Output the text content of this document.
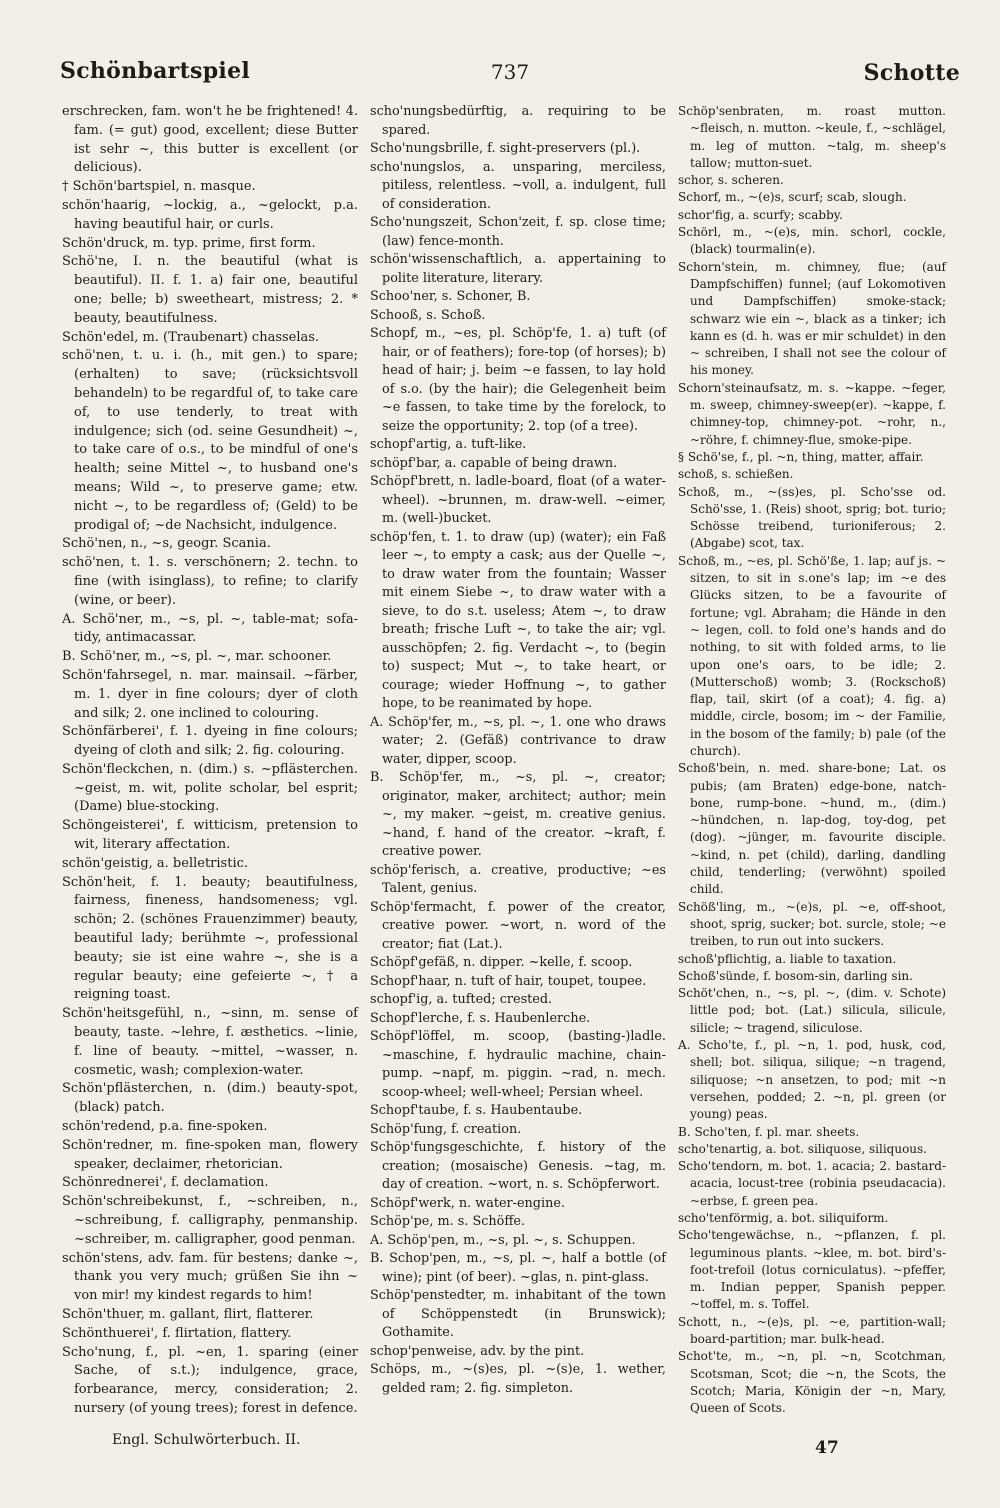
Schönbartspiel	737	Schotte

erschrecken, fam. won't he be frightened! 4. fam. (= gut) good, excellent; diese Butter ist sehr ~, this butter is excellent (or delicious).

† Schön'bartspiel, n. masque.

schön'haarig, ~lockig, a., ~gelockt, p.a. having beautiful hair, or curls.

Schön'druck, m. typ. prime, first form.

Schö'ne, I. n. the beautiful (what is beautiful). II. f. 1. a) fair one, beautiful one; belle; b) sweetheart, mistress; 2. * beauty, beautifulness.

Schön'edel, m. (Traubenart) chasselas.

schö'nen, t. u. i. (h., mit gen.) to spare; (erhalten) to save; (rücksichtsvoll behandeln) to be regardful of, to take care of, to use tenderly, to treat with indulgence; sich (od. seine Gesundheit) ~, to take care of o.s., to be mindful of one's health; seine Mittel ~, to husband one's means; Wild ~, to preserve game; etw. nicht ~, to be regardless of; (Geld) to be prodigal of; ~de Nachsicht, indulgence.

Schö'nen, n., ~s, geogr. Scania.

schö'nen, t. 1. s. verschönern; 2. techn. to fine (with isinglass), to refine; to clarify (wine, or beer).

A. Schö'ner, m., ~s, pl. ~, table-mat; sofa-tidy, antimacassar.

B. Schö'ner, m., ~s, pl. ~, mar. schooner.

Schön'fahrsegel, n. mar. mainsail. ~färber, m. 1. dyer in fine colours; dyer of cloth and silk; 2. one inclined to colouring.

Schönfärberei', f. 1. dyeing in fine colours; dyeing of cloth and silk; 2. fig. colouring.

Schön'fleckchen, n. (dim.) s. ~pflästerchen. ~geist, m. wit, polite scholar, bel esprit; (Dame) blue-stocking.

Schöngeisterei', f. witticism, pretension to wit, literary affectation.

schön'geistig, a. belletristic.

Schön'heit, f. 1. beauty; beautifulness, fairness, fineness, handsomeness; vgl. schön; 2. (schönes Frauenzimmer) beauty, beautiful lady; berühmte ~, professional beauty; sie ist eine wahre ~, she is a regular beauty; eine gefeierte ~, † a reigning toast.

Schön'heitsgefühl, n., ~sinn, m. sense of beauty, taste. ~lehre, f. æsthetics. ~linie, f. line of beauty. ~mittel, ~wasser, n. cosmetic, wash; complexion-water.

Schön'pflästerchen, n. (dim.) beauty-spot, (black) patch.

schön'redend, p.a. fine-spoken.

Schön'redner, m. fine-spoken man, flowery speaker, declaimer, rhetorician.

Schönrednerei', f. declamation.

Schön'schreibekunst, f., ~schreiben, n., ~schreibung, f. calligraphy, penmanship. ~schreiber, m. calligrapher, good penman.

schön'stens, adv. fam. für bestens; danke ~, thank you very much; grüßen Sie ihn ~ von mir! my kindest regards to him!

Schön'thuer, m. gallant, flirt, flatterer.

Schönthuerei', f. flirtation, flattery.

Scho'nung, f., pl. ~en, 1. sparing (einer Sache, of s.t.); indulgence, grace, forbearance, mercy, consideration; 2. nursery (of young trees); forest in defence.

scho'nungsbedürftig, a. requiring to be spared.

Scho'nungsbrille, f. sight-preservers (pl.).

scho'nungslos, a. unsparing, merciless, pitiless, relentless. ~voll, a. indulgent, full of consideration.

Scho'nungszeit, Schon'zeit, f. sp. close time; (law) fence-month.

schön'wissenschaftlich, a. appertaining to polite literature, literary.

Schoo'ner, s. Schoner, B.

Schooß, s. Schoß.

Schopf, m., ~es, pl. Schöp'fe, 1. a) tuft (of hair, or of feathers); fore-top (of horses); b) head of hair; j. beim ~e fassen, to lay hold of s.o. (by the hair); die Gelegenheit beim ~e fassen, to take time by the forelock, to seize the opportunity; 2. top (of a tree).

schopf'artig, a. tuft-like.

schöpf'bar, a. capable of being drawn.

Schöpf'brett, n. ladle-board, float (of a water-wheel). ~brunnen, m. draw-well. ~eimer, m. (well-)bucket.

schöp'fen, t. 1. to draw (up) (water); ein Faß leer ~, to empty a cask; aus der Quelle ~, to draw water from the fountain; Wasser mit einem Siebe ~, to draw water with a sieve, to do s.t. useless; Atem ~, to draw breath; frische Luft ~, to take the air; vgl. ausschöpfen; 2. fig. Verdacht ~, to (begin to) suspect; Mut ~, to take heart, or courage; wieder Hoffnung ~, to gather hope, to be reanimated by hope.

A. Schöp'fer, m., ~s, pl. ~, 1. one who draws water; 2. (Gefäß) contrivance to draw water, dipper, scoop.

B. Schöp'fer, m., ~s, pl. ~, creator; originator, maker, architect; author; mein ~, my maker. ~geist, m. creative genius. ~hand, f. hand of the creator. ~kraft, f. creative power.

schöp'ferisch, a. creative, productive; ~es Talent, genius.

Schöp'fermacht, f. power of the creator, creative power. ~wort, n. word of the creator; fiat (Lat.).

Schöpf'gefäß, n. dipper. ~kelle, f. scoop.

Schopf'haar, n. tuft of hair, toupet, toupee.

schopf'ig, a. tufted; crested.

Schopf'lerche, f. s. Haubenlerche.

Schöpf'löffel, m. scoop, (basting-)ladle. ~maschine, f. hydraulic machine, chain-pump. ~napf, m. piggin. ~rad, n. mech. scoop-wheel; well-wheel; Persian wheel.

Schopf'taube, f. s. Haubentaube.

Schöp'fung, f. creation.

Schöp'fungsgeschichte, f. history of the creation; (mosaische) Genesis. ~tag, m. day of creation. ~wort, n. s. Schöpferwort.

Schöpf'werk, n. water-engine.

Schöp'pe, m. s. Schöffe.

A. Schöp'pen, m., ~s, pl. ~, s. Schuppen.

B. Schop'pen, m., ~s, pl. ~, half a bottle (of wine); pint (of beer). ~glas, n. pint-glass.

Schöp'penstedter, m. inhabitant of the town of Schöppenstedt (in Brunswick); Gothamite.

schop'penweise, adv. by the pint.

Schöps, m., ~(s)es, pl. ~(s)e, 1. wether, gelded ram; 2. fig. simpleton.

Schöp'senbraten, m. roast mutton. ~fleisch, n. mutton. ~keule, f., ~schlägel, m. leg of mutton. ~talg, m. sheep's tallow; mutton-suet.

schor, s. scheren.

Schorf, m., ~(e)s, scurf; scab, slough.

schor'fig, a. scurfy; scabby.

Schörl, m., ~(e)s, min. schorl, cockle, (black) tourmalin(e).

Schorn'stein, m. chimney, flue; (auf Dampfschiffen) funnel; (auf Lokomotiven und Dampfschiffen) smoke-stack; schwarz wie ein ~, black as a tinker; ich kann es (d. h. was er mir schuldet) in den ~ schreiben, I shall not see the colour of his money.

Schorn'steinaufsatz, m. s. ~kappe. ~feger, m. sweep, chimney-sweep(er). ~kappe, f. chimney-top, chimney-pot. ~rohr, n., ~röhre, f. chimney-flue, smoke-pipe.

§ Schö'se, f., pl. ~n, thing, matter, affair.

schoß, s. schießen.

Schoß, m., ~(ss)es, pl. Scho'sse od. Schö'sse, 1. (Reis) shoot, sprig; bot. turio; Schösse treibend, turioniferous; 2. (Abgabe) scot, tax.

Schoß, m., ~es, pl. Schö'ße, 1. lap; auf js. ~ sitzen, to sit in s.one's lap; im ~e des Glücks sitzen, to be a favourite of fortune; vgl. Abraham; die Hände in den ~ legen, coll. to fold one's hands and do nothing, to sit with folded arms, to lie upon one's oars, to be idle; 2. (Mutterschoß) womb; 3. (Rockschoß) flap, tail, skirt (of a coat); 4. fig. a) middle, circle, bosom; im ~ der Familie, in the bosom of the family; b) pale (of the church).

Schoß'bein, n. med. share-bone; Lat. os pubis; (am Braten) edge-bone, natch-bone, rump-bone. ~hund, m., (dim.) ~hündchen, n. lap-dog, toy-dog, pet (dog). ~jünger, m. favourite disciple. ~kind, n. pet (child), darling, dandling child, tenderling; (verwöhnt) spoiled child.

Schöß'ling, m., ~(e)s, pl. ~e, off-shoot, shoot, sprig, sucker; bot. surcle, stole; ~e treiben, to run out into suckers.

schoß'pflichtig, a. liable to taxation.

Schoß'sünde, f. bosom-sin, darling sin.

Schöt'chen, n., ~s, pl. ~, (dim. v. Schote) little pod; bot. (Lat.) silicula, silicule, silicle; ~ tragend, siliculose.

A. Scho'te, f., pl. ~n, 1. pod, husk, cod, shell; bot. siliqua, silique; ~n tragend, siliquose; ~n ansetzen, to pod; mit ~n versehen, podded; 2. ~n, pl. green (or young) peas.

B. Scho'ten, f. pl. mar. sheets.

scho'tenartig, a. bot. siliquose, siliquous.

Scho'tendorn, m. bot. 1. acacia; 2. bastard-acacia, locust-tree (robinia pseudacacia). ~erbse, f. green pea.

scho'tenförmig, a. bot. siliquiform.

Scho'tengewächse, n., ~pflanzen, f. pl. leguminous plants. ~klee, m. bot. bird's-foot-trefoil (lotus corniculatus). ~pfeffer, m. Indian pepper, Spanish pepper. ~toffel, m. s. Toffel.

Schott, n., ~(e)s, pl. ~e, partition-wall; board-partition; mar. bulk-head.

Schot'te, m., ~n, pl. ~n, Scotchman, Scotsman, Scot; die ~n, the Scots, the Scotch; Maria, Königin der ~n, Mary, Queen of Scots.

Engl. Schulwörterbuch. II.	47
